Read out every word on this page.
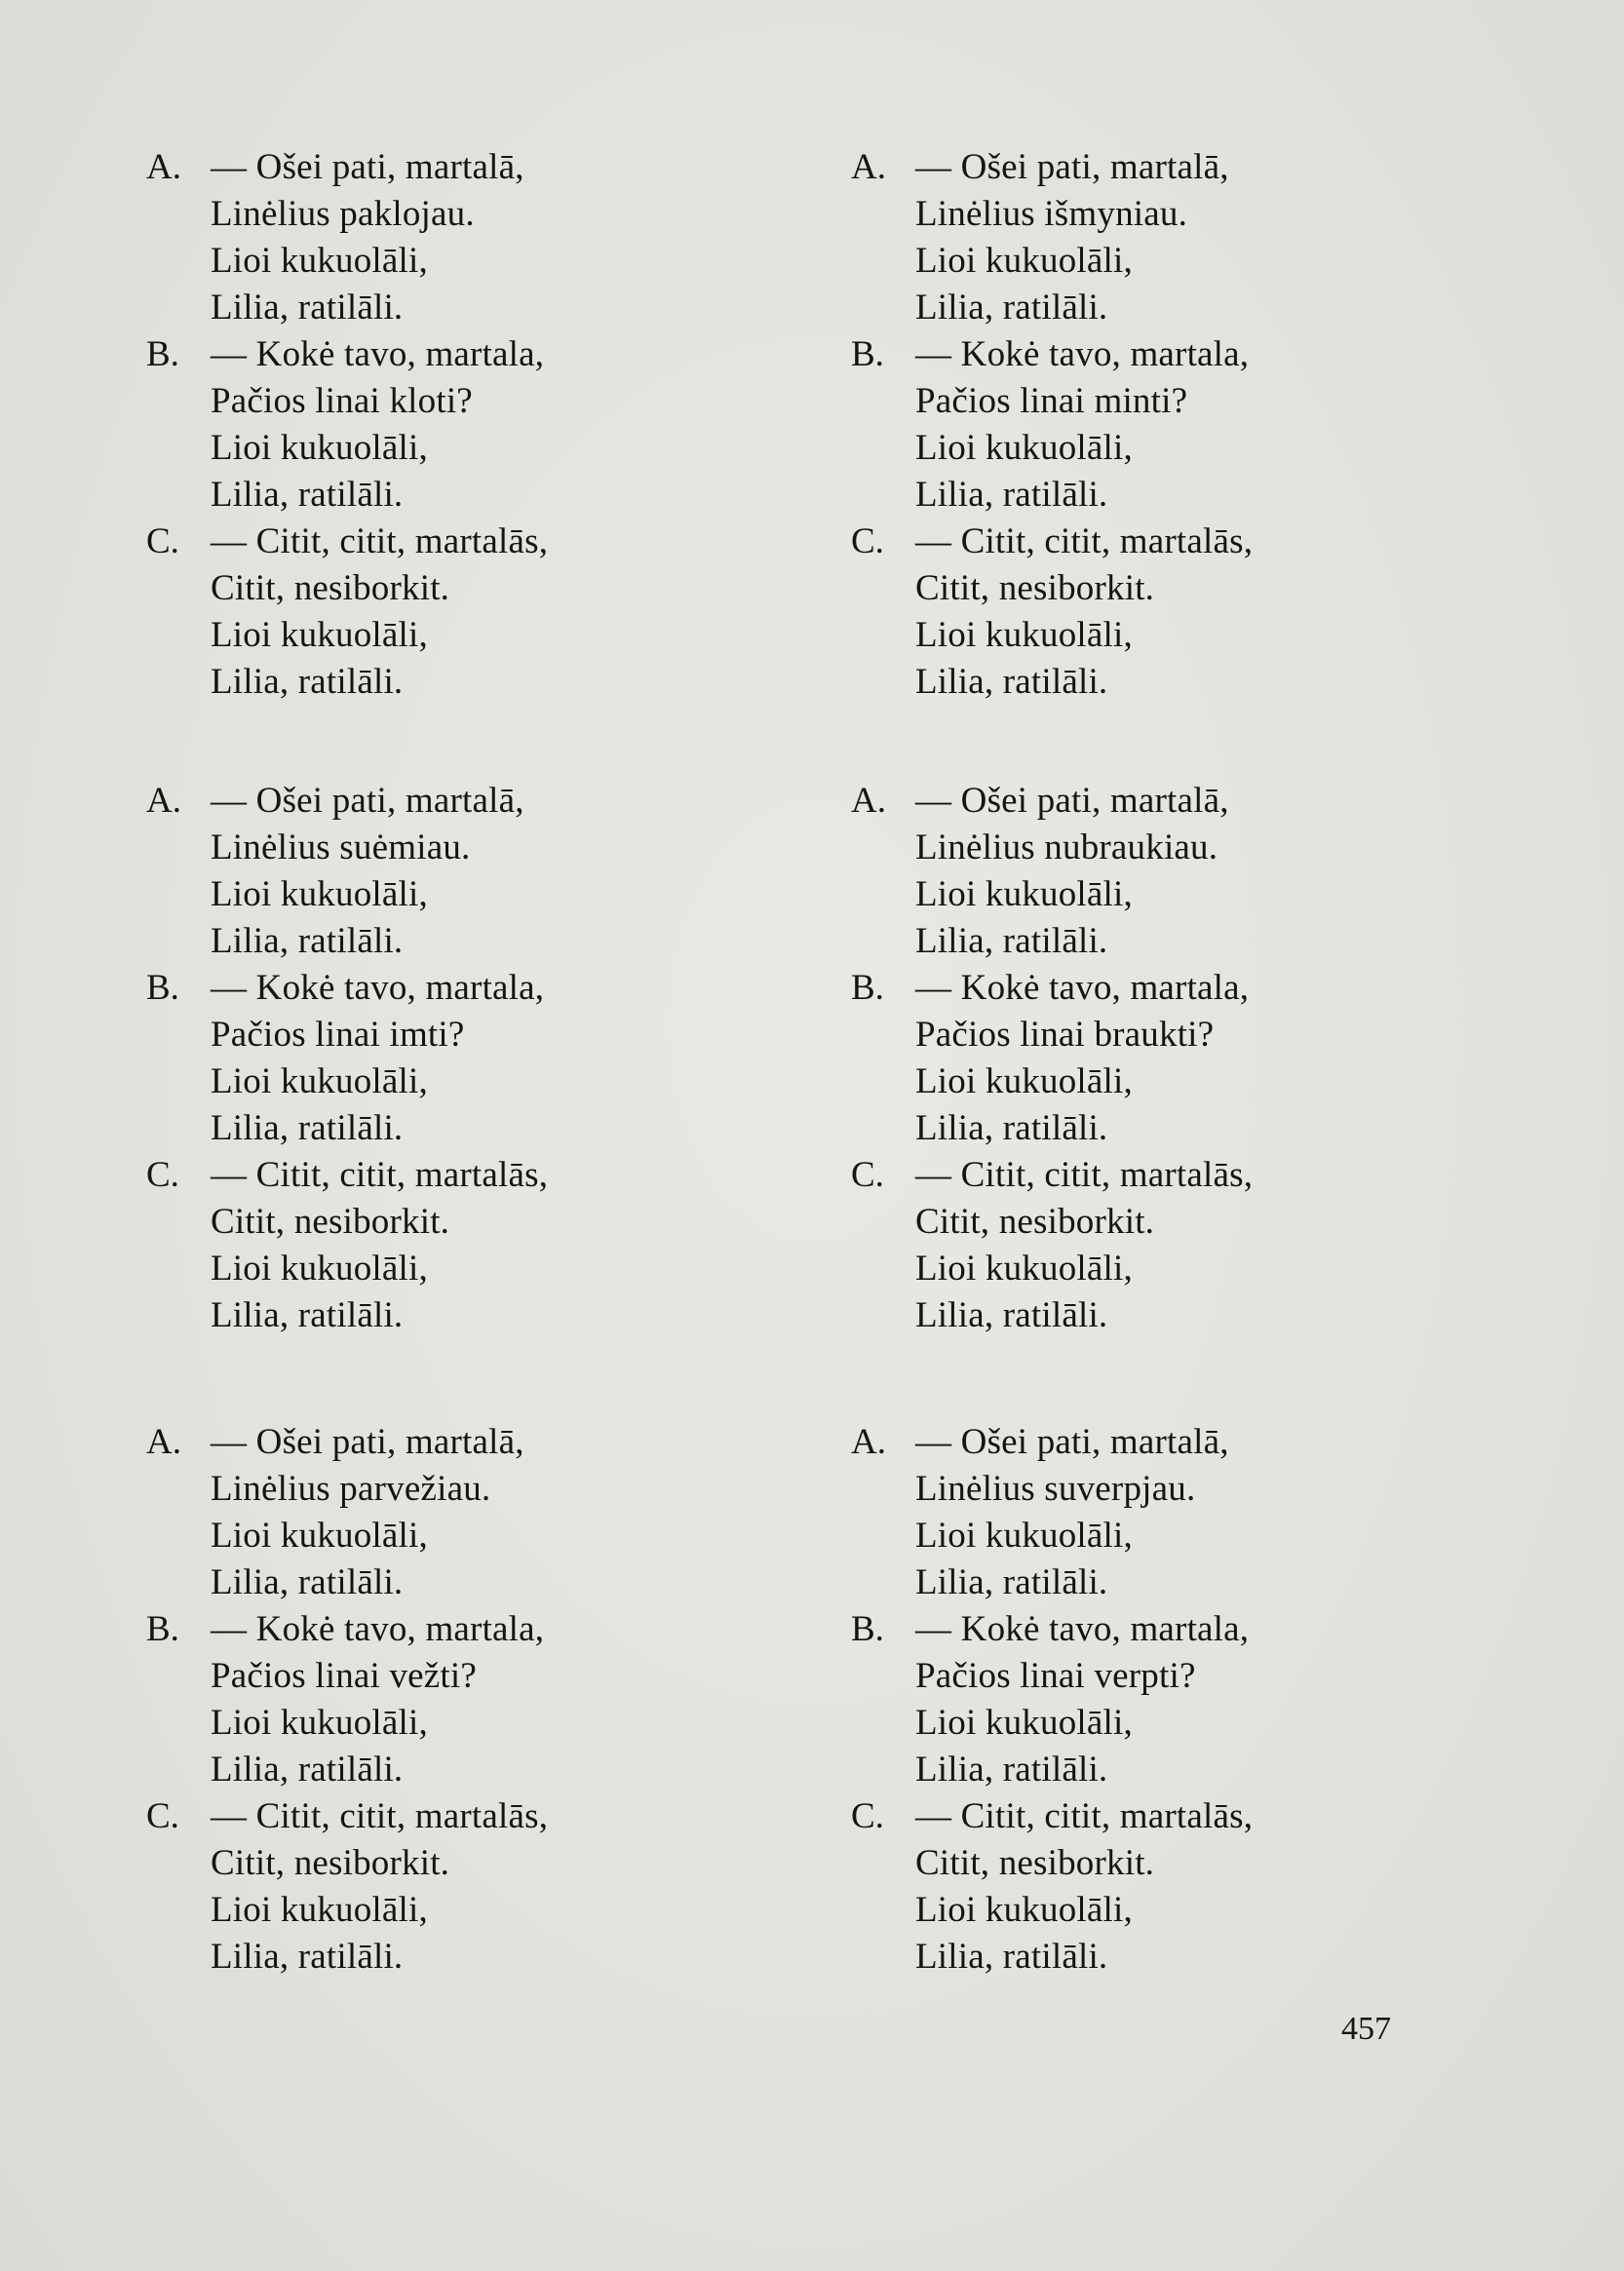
A. — Ošei pati, martalā,
Linėlius paklojau.
Lioi kukuolāli,
Lilia, ratilāli.
B. — Kokė tavo, martala,
Pačios linai kloti?
Lioi kukuolāli,
Lilia, ratilāli.
C. — Citit, citit, martalās,
Citit, nesiborkit.
Lioi kukuolāli,
Lilia, ratilāli.
A. — Ošei pati, martalā,
Linėlius suėmiau.
Lioi kukuolāli,
Lilia, ratilāli.
B. — Kokė tavo, martala,
Pačios linai imti?
Lioi kukuolāli,
Lilia, ratilāli.
C. — Citit, citit, martalās,
Citit, nesiborkit.
Lioi kukuolāli,
Lilia, ratilāli.
A. — Ošei pati, martalā,
Linėlius parvežiau.
Lioi kukuolāli,
Lilia, ratilāli.
B. — Kokė tavo, martala,
Pačios linai vežti?
Lioi kukuolāli,
Lilia, ratilāli.
C. — Citit, citit, martalās,
Citit, nesiborkit.
Lioi kukuolāli,
Lilia, ratilāli.
A. — Ošei pati, martalā,
Linėlius išmyniau.
Lioi kukuolāli,
Lilia, ratilāli.
B. — Kokė tavo, martala,
Pačios linai minti?
Lioi kukuolāli,
Lilia, ratilāli.
C. — Citit, citit, martalās,
Citit, nesiborkit.
Lioi kukuolāli,
Lilia, ratilāli.
A. — Ošei pati, martalā,
Linėlius nubraukiau.
Lioi kukuolāli,
Lilia, ratilāli.
B. — Kokė tavo, martala,
Pačios linai braukti?
Lioi kukuolāli,
Lilia, ratilāli.
C. — Citit, citit, martalās,
Citit, nesiborkit.
Lioi kukuolāli,
Lilia, ratilāli.
A. — Ošei pati, martalā,
Linėlius suverpjau.
Lioi kukuolāli,
Lilia, ratilāli.
B. — Kokė tavo, martala,
Pačios linai verpti?
Lioi kukuolāli,
Lilia, ratilāli.
C. — Citit, citit, martalās,
Citit, nesiborkit.
Lioi kukuolāli,
Lilia, ratilāli.
457
